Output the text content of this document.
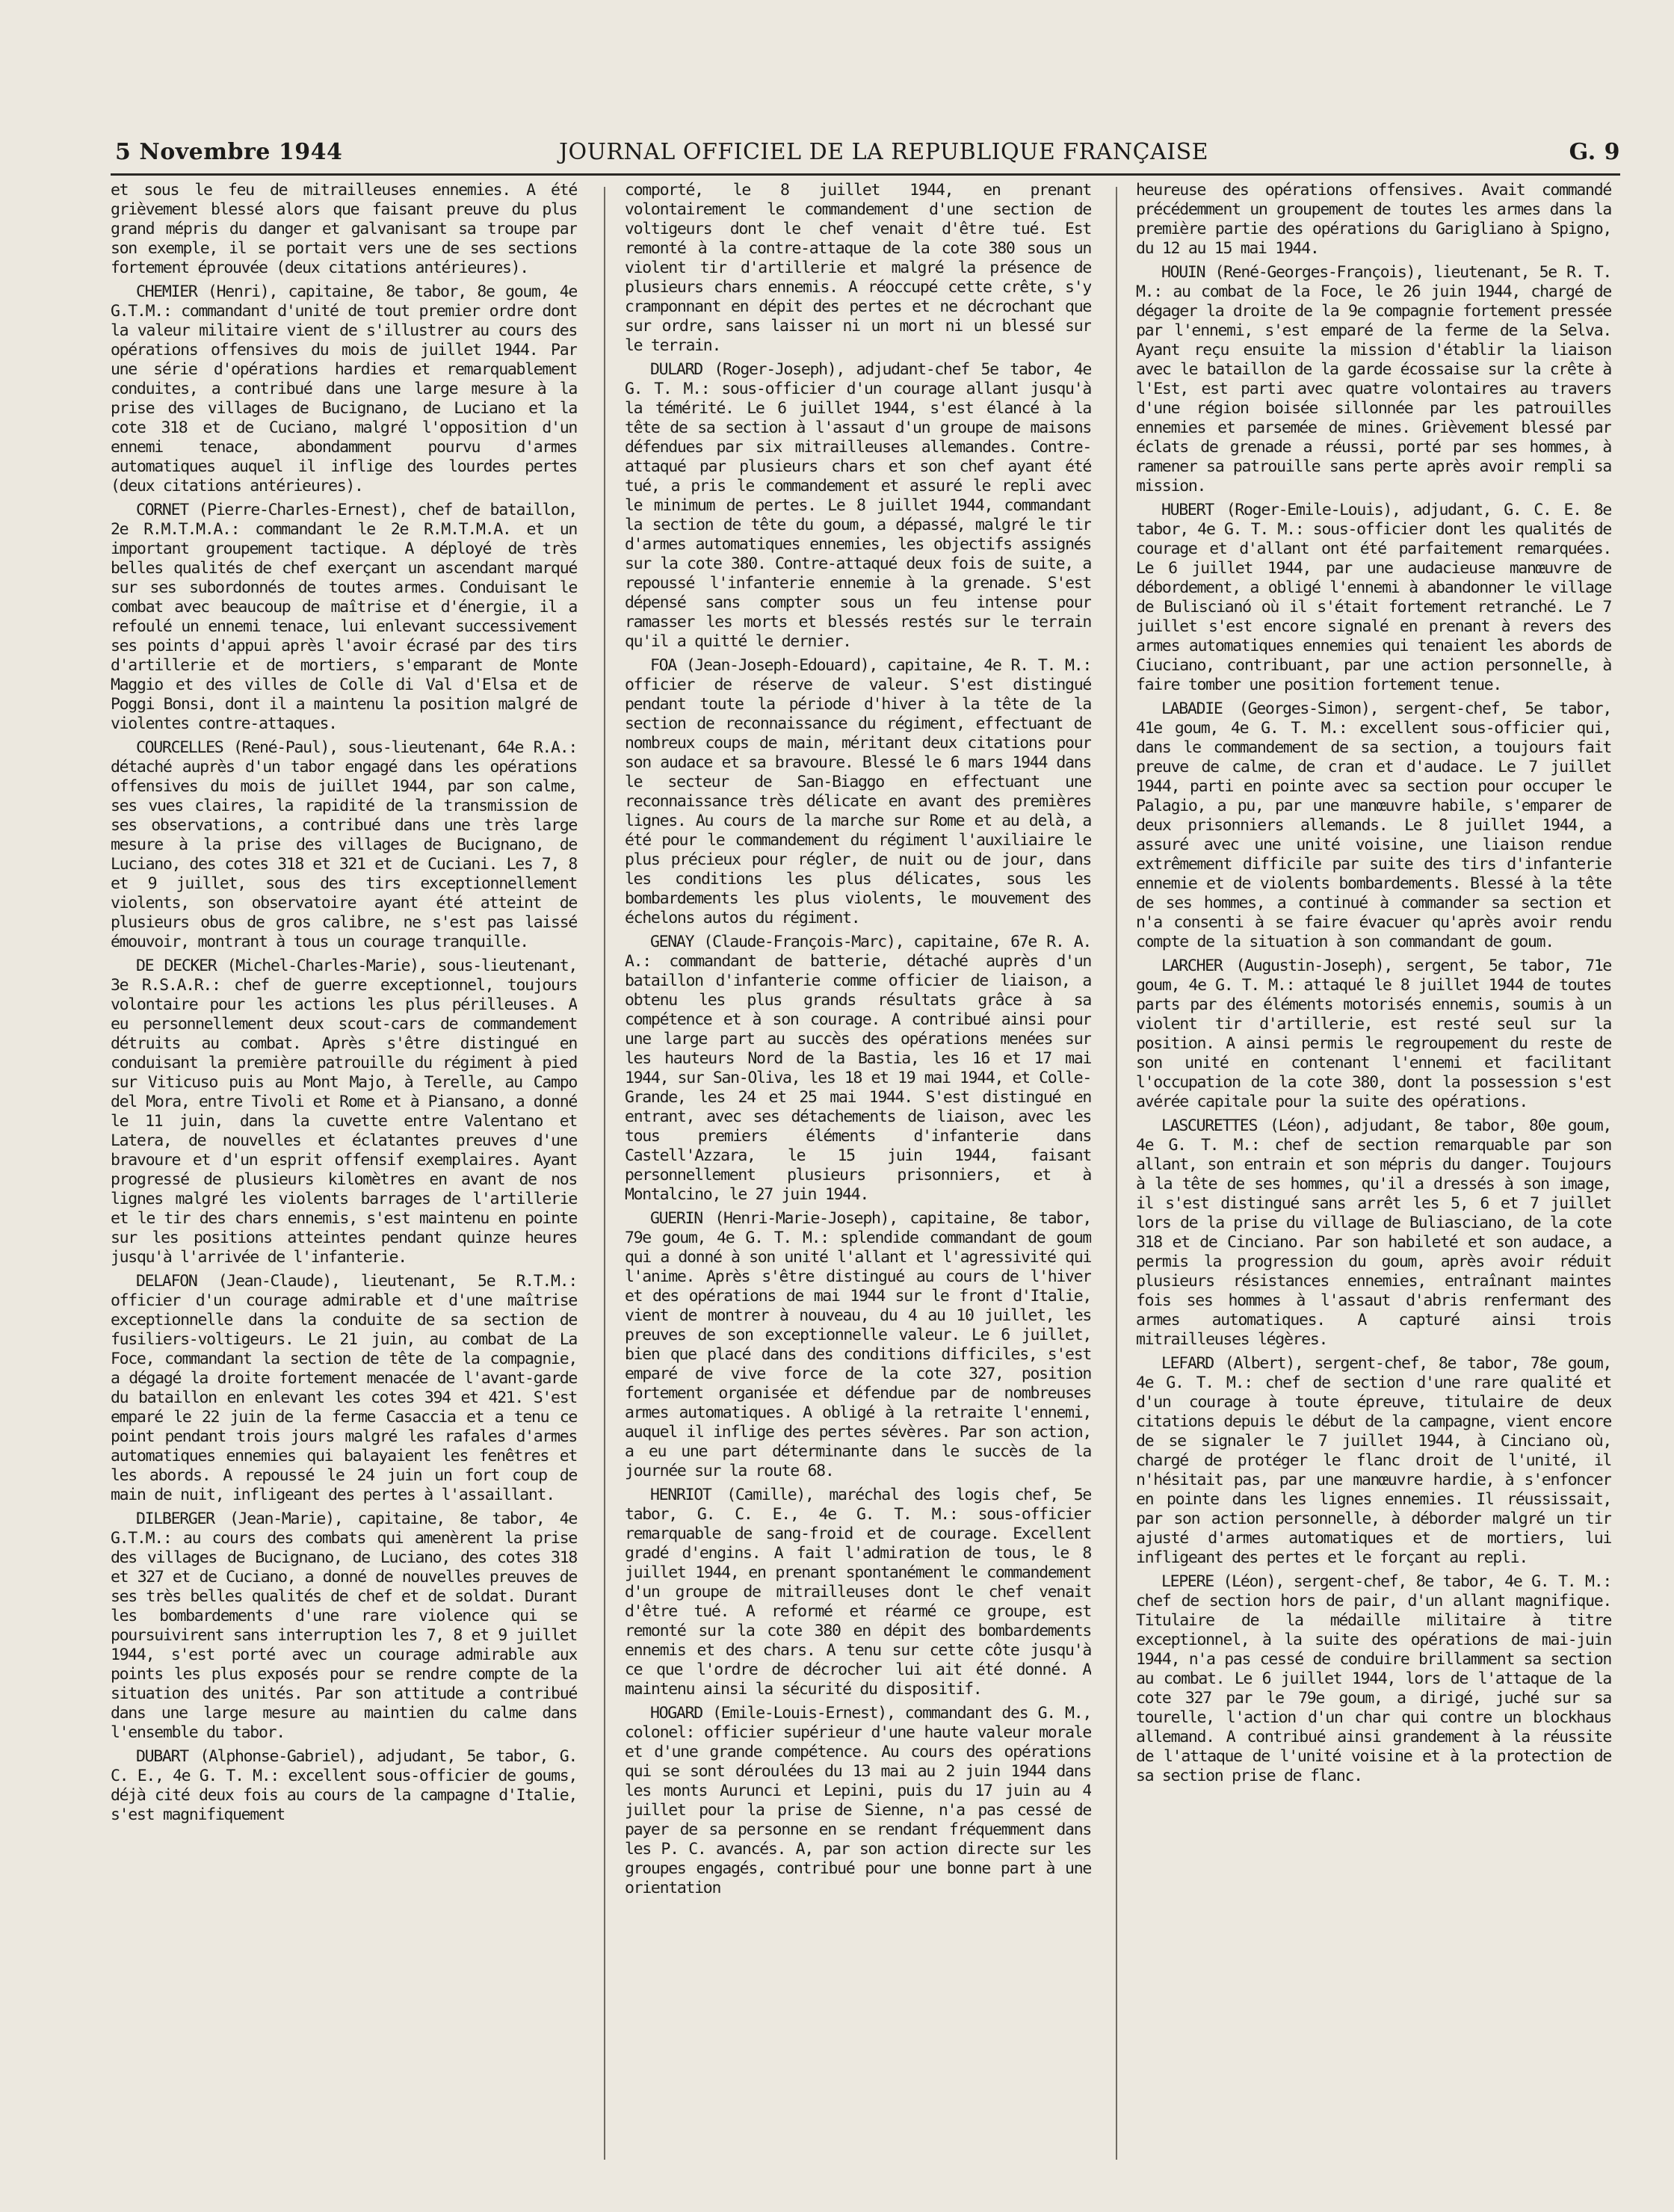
5 Novembre 1944	JOURNAL OFFICIEL DE LA REPUBLIQUE FRANÇAISE	G. 9

et sous le feu de mitrailleuses ennemies. A été grièvement blessé alors que faisant preuve du plus grand mépris du danger et galvanisant sa troupe par son exemple, il se portait vers une de ses sections fortement éprouvée (deux citations antérieures).

CHEMIER (Henri), capitaine, 8e tabor, 8e goum, 4e G.T.M.: commandant d'unité de tout premier ordre dont la valeur militaire vient de s'illustrer au cours des opérations offensives du mois de juillet 1944. Par une série d'opérations hardies et remarquablement conduites, a contribué dans une large mesure à la prise des villages de Bucignano, de Luciano et la cote 318 et de Cuciano, malgré l'opposition d'un ennemi tenace, abondamment pourvu d'armes automatiques auquel il inflige des lourdes pertes (deux citations antérieures).

CORNET (Pierre-Charles-Ernest), chef de bataillon, 2e R.M.T.M.A.: commandant le 2e R.M.T.M.A. et un important groupement tactique. A déployé de très belles qualités de chef exerçant un ascendant marqué sur ses subordonnés de toutes armes. Conduisant le combat avec beaucoup de maîtrise et d'énergie, il a refoulé un ennemi tenace, lui enlevant successivement ses points d'appui après l'avoir écrasé par des tirs d'artillerie et de mortiers, s'emparant de Monte Maggio et des villes de Colle di Val d'Elsa et de Poggi Bonsi, dont il a maintenu la position malgré de violentes contre-attaques.

COURCELLES (René-Paul), sous-lieutenant, 64e R.A.: détaché auprès d'un tabor engagé dans les opérations offensives du mois de juillet 1944, par son calme, ses vues claires, la rapidité de la transmission de ses observations, a contribué dans une très large mesure à la prise des villages de Bucignano, de Luciano, des cotes 318 et 321 et de Cuciani. Les 7, 8 et 9 juillet, sous des tirs exceptionnellement violents, son observatoire ayant été atteint de plusieurs obus de gros calibre, ne s'est pas laissé émouvoir, montrant à tous un courage tranquille.

DE DECKER (Michel-Charles-Marie), sous-lieutenant, 3e R.S.A.R.: chef de guerre exceptionnel, toujours volontaire pour les actions les plus périlleuses. A eu personnellement deux scout-cars de commandement détruits au combat. Après s'être distingué en conduisant la première patrouille du régiment à pied sur Viticuso puis au Mont Majo, à Terelle, au Campo del Mora, entre Tivoli et Rome et à Piansano, a donné le 11 juin, dans la cuvette entre Valentano et Latera, de nouvelles et éclatantes preuves d'une bravoure et d'un esprit offensif exemplaires. Ayant progressé de plusieurs kilomètres en avant de nos lignes malgré les violents barrages de l'artillerie et le tir des chars ennemis, s'est maintenu en pointe sur les positions atteintes pendant quinze heures jusqu'à l'arrivée de l'infanterie.

DELAFON (Jean-Claude), lieutenant, 5e R.T.M.: officier d'un courage admirable et d'une maîtrise exceptionnelle dans la conduite de sa section de fusiliers-voltigeurs. Le 21 juin, au combat de La Foce, commandant la section de tête de la compagnie, a dégagé la droite fortement menacée de l'avant-garde du bataillon en enlevant les cotes 394 et 421. S'est emparé le 22 juin de la ferme Casaccia et a tenu ce point pendant trois jours malgré les rafales d'armes automatiques ennemies qui balayaient les fenêtres et les abords. A repoussé le 24 juin un fort coup de main de nuit, infligeant des pertes à l'assaillant.

DILBERGER (Jean-Marie), capitaine, 8e tabor, 4e G.T.M.: au cours des combats qui amenèrent la prise des villages de Bucignano, de Luciano, des cotes 318 et 327 et de Cuciano, a donné de nouvelles preuves de ses très belles qualités de chef et de soldat. Durant les bombardements d'une rare violence qui se poursuivirent sans interruption les 7, 8 et 9 juillet 1944, s'est porté avec un courage admirable aux points les plus exposés pour se rendre compte de la situation des unités. Par son attitude a contribué dans une large mesure au maintien du calme dans l'ensemble du tabor.

DUBART (Alphonse-Gabriel), adjudant, 5e tabor, G. C. E., 4e G. T. M.: excellent sous-officier de goums, déjà cité deux fois au cours de la campagne d'Italie, s'est magnifiquement

comporté, le 8 juillet 1944, en prenant volontairement le commandement d'une section de voltigeurs dont le chef venait d'être tué. Est remonté à la contre-attaque de la cote 380 sous un violent tir d'artillerie et malgré la présence de plusieurs chars ennemis. A réoccupé cette crête, s'y cramponnant en dépit des pertes et ne décrochant que sur ordre, sans laisser ni un mort ni un blessé sur le terrain.

DULARD (Roger-Joseph), adjudant-chef 5e tabor, 4e G. T. M.: sous-officier d'un courage allant jusqu'à la témérité. Le 6 juillet 1944, s'est élancé à la tête de sa section à l'assaut d'un groupe de maisons défendues par six mitrailleuses allemandes. Contre-attaqué par plusieurs chars et son chef ayant été tué, a pris le commandement et assuré le repli avec le minimum de pertes. Le 8 juillet 1944, commandant la section de tête du goum, a dépassé, malgré le tir d'armes automatiques ennemies, les objectifs assignés sur la cote 380. Contre-attaqué deux fois de suite, a repoussé l'infanterie ennemie à la grenade. S'est dépensé sans compter sous un feu intense pour ramasser les morts et blessés restés sur le terrain qu'il a quitté le dernier.

FOA (Jean-Joseph-Edouard), capitaine, 4e R. T. M.: officier de réserve de valeur. S'est distingué pendant toute la période d'hiver à la tête de la section de reconnaissance du régiment, effectuant de nombreux coups de main, méritant deux citations pour son audace et sa bravoure. Blessé le 6 mars 1944 dans le secteur de San-Biaggo en effectuant une reconnaissance très délicate en avant des premières lignes. Au cours de la marche sur Rome et au delà, a été pour le commandement du régiment l'auxiliaire le plus précieux pour régler, de nuit ou de jour, dans les conditions les plus délicates, sous les bombardements les plus violents, le mouvement des échelons autos du régiment.

GENAY (Claude-François-Marc), capitaine, 67e R. A. A.: commandant de batterie, détaché auprès d'un bataillon d'infanterie comme officier de liaison, a obtenu les plus grands résultats grâce à sa compétence et à son courage. A contribué ainsi pour une large part au succès des opérations menées sur les hauteurs Nord de la Bastia, les 16 et 17 mai 1944, sur San-Oliva, les 18 et 19 mai 1944, et Colle-Grande, les 24 et 25 mai 1944. S'est distingué en entrant, avec ses détachements de liaison, avec les tous premiers éléments d'infanterie dans Castell'Azzara, le 15 juin 1944, faisant personnellement plusieurs prisonniers, et à Montalcino, le 27 juin 1944.

GUERIN (Henri-Marie-Joseph), capitaine, 8e tabor, 79e goum, 4e G. T. M.: splendide commandant de goum qui a donné à son unité l'allant et l'agressivité qui l'anime. Après s'être distingué au cours de l'hiver et des opérations de mai 1944 sur le front d'Italie, vient de montrer à nouveau, du 4 au 10 juillet, les preuves de son exceptionnelle valeur. Le 6 juillet, bien que placé dans des conditions difficiles, s'est emparé de vive force de la cote 327, position fortement organisée et défendue par de nombreuses armes automatiques. A obligé à la retraite l'ennemi, auquel il inflige des pertes sévères. Par son action, a eu une part déterminante dans le succès de la journée sur la route 68.

HENRIOT (Camille), maréchal des logis chef, 5e tabor, G. C. E., 4e G. T. M.: sous-officier remarquable de sang-froid et de courage. Excellent gradé d'engins. A fait l'admiration de tous, le 8 juillet 1944, en prenant spontanément le commandement d'un groupe de mitrailleuses dont le chef venait d'être tué. A reformé et réarmé ce groupe, est remonté sur la cote 380 en dépit des bombardements ennemis et des chars. A tenu sur cette côte jusqu'à ce que l'ordre de décrocher lui ait été donné. A maintenu ainsi la sécurité du dispositif.

HOGARD (Emile-Louis-Ernest), commandant des G. M., colonel: officier supérieur d'une haute valeur morale et d'une grande compétence. Au cours des opérations qui se sont déroulées du 13 mai au 2 juin 1944 dans les monts Aurunci et Lepini, puis du 17 juin au 4 juillet pour la prise de Sienne, n'a pas cessé de payer de sa personne en se rendant fréquemment dans les P. C. avancés. A, par son action directe sur les groupes engagés, contribué pour une bonne part à une orientation

heureuse des opérations offensives. Avait commandé précédemment un groupement de toutes les armes dans la première partie des opérations du Garigliano à Spigno, du 12 au 15 mai 1944.

HOUIN (René-Georges-François), lieutenant, 5e R. T. M.: au combat de la Foce, le 26 juin 1944, chargé de dégager la droite de la 9e compagnie fortement pressée par l'ennemi, s'est emparé de la ferme de la Selva. Ayant reçu ensuite la mission d'établir la liaison avec le bataillon de la garde écossaise sur la crête à l'Est, est parti avec quatre volontaires au travers d'une région boisée sillonnée par les patrouilles ennemies et parsemée de mines. Grièvement blessé par éclats de grenade a réussi, porté par ses hommes, à ramener sa patrouille sans perte après avoir rempli sa mission.

HUBERT (Roger-Emile-Louis), adjudant, G. C. E. 8e tabor, 4e G. T. M.: sous-officier dont les qualités de courage et d'allant ont été parfaitement remarquées. Le 6 juillet 1944, par une audacieuse manœuvre de débordement, a obligé l'ennemi à abandonner le village de Buliscianó où il s'était fortement retranché. Le 7 juillet s'est encore signalé en prenant à revers des armes automatiques ennemies qui tenaient les abords de Ciuciano, contribuant, par une action personnelle, à faire tomber une position fortement tenue.

LABADIE (Georges-Simon), sergent-chef, 5e tabor, 41e goum, 4e G. T. M.: excellent sous-officier qui, dans le commandement de sa section, a toujours fait preuve de calme, de cran et d'audace. Le 7 juillet 1944, parti en pointe avec sa section pour occuper le Palagio, a pu, par une manœuvre habile, s'emparer de deux prisonniers allemands. Le 8 juillet 1944, a assuré avec une unité voisine, une liaison rendue extrêmement difficile par suite des tirs d'infanterie ennemie et de violents bombardements. Blessé à la tête de ses hommes, a continué à commander sa section et n'a consenti à se faire évacuer qu'après avoir rendu compte de la situation à son commandant de goum.

LARCHER (Augustin-Joseph), sergent, 5e tabor, 71e goum, 4e G. T. M.: attaqué le 8 juillet 1944 de toutes parts par des éléments motorisés ennemis, soumis à un violent tir d'artillerie, est resté seul sur la position. A ainsi permis le regroupement du reste de son unité en contenant l'ennemi et facilitant l'occupation de la cote 380, dont la possession s'est avérée capitale pour la suite des opérations.

LASCURETTES (Léon), adjudant, 8e tabor, 80e goum, 4e G. T. M.: chef de section remarquable par son allant, son entrain et son mépris du danger. Toujours à la tête de ses hommes, qu'il a dressés à son image, il s'est distingué sans arrêt les 5, 6 et 7 juillet lors de la prise du village de Buliasciano, de la cote 318 et de Cinciano. Par son habileté et son audace, a permis la progression du goum, après avoir réduit plusieurs résistances ennemies, entraînant maintes fois ses hommes à l'assaut d'abris renfermant des armes automatiques. A capturé ainsi trois mitrailleuses légères.

LEFARD (Albert), sergent-chef, 8e tabor, 78e goum, 4e G. T. M.: chef de section d'une rare qualité et d'un courage à toute épreuve, titulaire de deux citations depuis le début de la campagne, vient encore de se signaler le 7 juillet 1944, à Cinciano où, chargé de protéger le flanc droit de l'unité, il n'hésitait pas, par une manœuvre hardie, à s'enfoncer en pointe dans les lignes ennemies. Il réussissait, par son action personnelle, à déborder malgré un tir ajusté d'armes automatiques et de mortiers, lui infligeant des pertes et le forçant au repli.

LEPERE (Léon), sergent-chef, 8e tabor, 4e G. T. M.: chef de section hors de pair, d'un allant magnifique. Titulaire de la médaille militaire à titre exceptionnel, à la suite des opérations de mai-juin 1944, n'a pas cessé de conduire brillamment sa section au combat. Le 6 juillet 1944, lors de l'attaque de la cote 327 par le 79e goum, a dirigé, juché sur sa tourelle, l'action d'un char qui contre un blockhaus allemand. A contribué ainsi grandement à la réussite de l'attaque de l'unité voisine et à la protection de sa section prise de flanc.
